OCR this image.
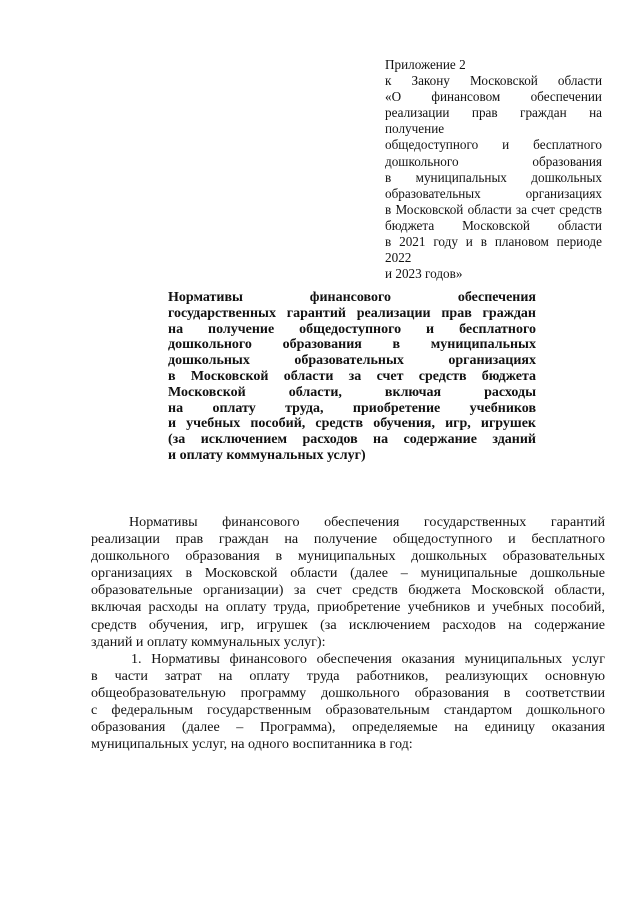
Приложение 2
к Законy Московской области
«О финансовом обеспечении
реализации прав граждан на получение
общедоступного и бесплатного
дошкольного образования
в муниципальных дошкольных
образовательных организациях
в Московской области за счет средств
бюджета Московской области
в 2021 году и в плановом периоде 2022
и 2023 годов»
Нормативы финансового обеспечения
государственных гарантий реализации прав граждан
на получение общедоступного и бесплатного
дошкольного образования в муниципальных
дошкольных образовательных организациях
в Московской области за счет средств бюджета
Московской области, включая расходы
на оплату труда, приобретение учебников
и учебных пособий, средств обучения, игр, игрушек
(за исключением расходов на содержание зданий
и оплату коммунальных услуг)
Нормативы финансового обеспечения государственных гарантий
реализации прав граждан на получение общедоступного и бесплатного
дошкольного образования в муниципальных дошкольных образовательных
организациях в Московской области (далее – муниципальные дошкольные
образовательные организации) за счет средств бюджета Московской области,
включая расходы на оплату труда, приобретение учебников и учебных пособий,
средств обучения, игр, игрушек (за исключением расходов на содержание
зданий и оплату коммунальных услуг):
1. Нормативы финансового обеспечения оказания муниципальных услуг
в части затрат на оплату труда работников, реализующих основную
общеобразовательную программу дошкольного образования в соответствии
с федеральным государственным образовательным стандартом дошкольного
образования (далее – Программа), определяемые на единицу оказания
муниципальных услуг, на одного воспитанника в год:
